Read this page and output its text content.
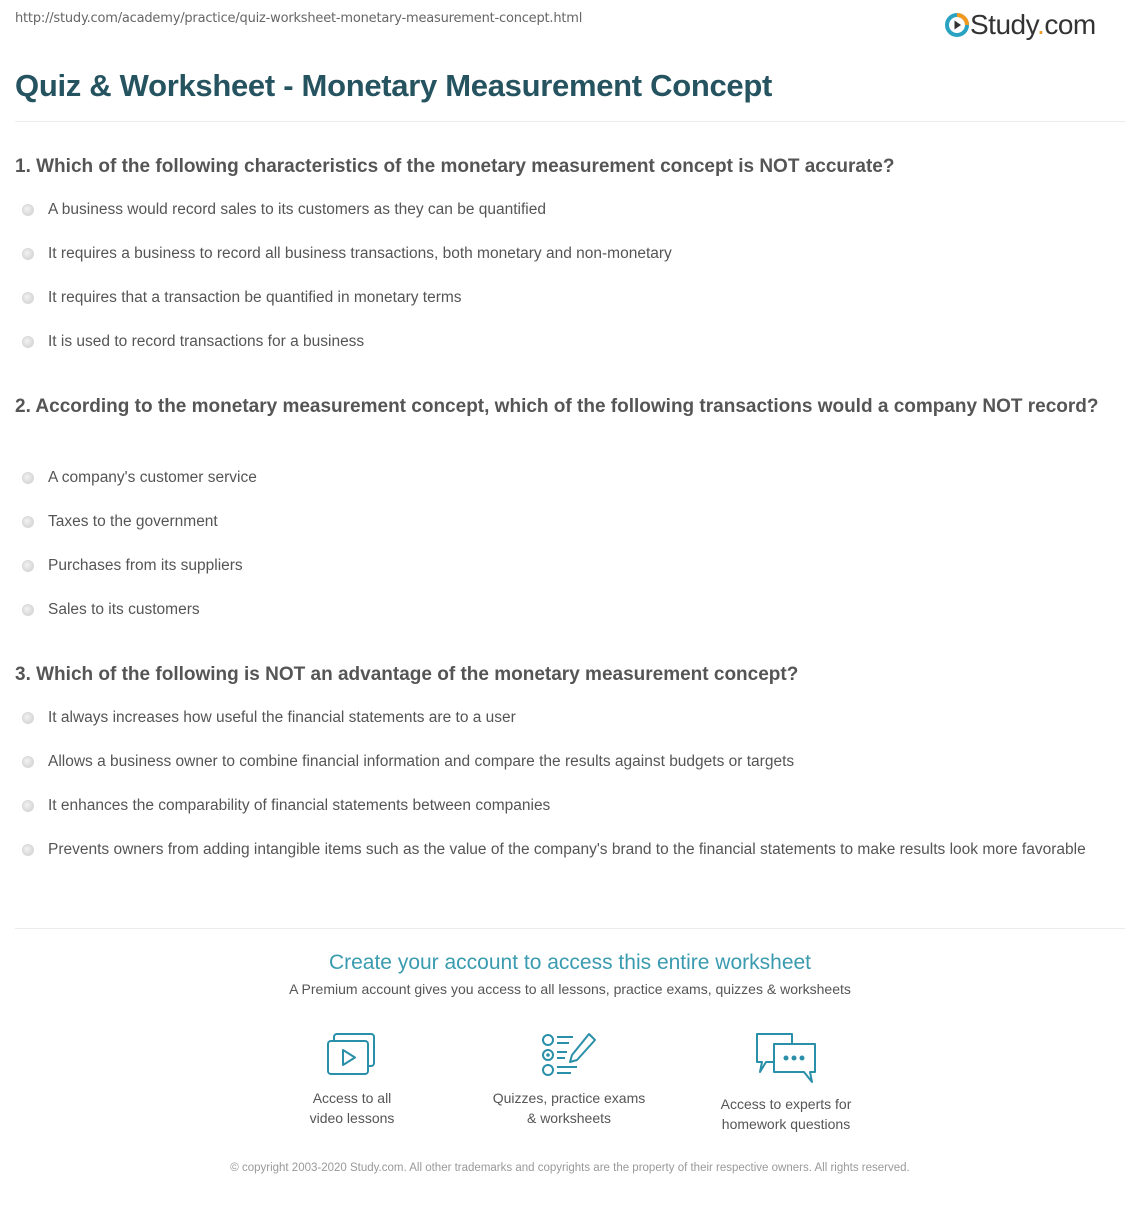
http://study.com/academy/practice/quiz-worksheet-monetary-measurement-concept.html	Study.com
Quiz & Worksheet - Monetary Measurement Concept
1. Which of the following characteristics of the monetary measurement concept is NOT accurate?
A business would record sales to its customers as they can be quantified
It requires a business to record all business transactions, both monetary and non-monetary
It requires that a transaction be quantified in monetary terms
It is used to record transactions for a business
2. According to the monetary measurement concept, which of the following transactions would a company NOT record?
A company's customer service
Taxes to the government
Purchases from its suppliers
Sales to its customers
3. Which of the following is NOT an advantage of the monetary measurement concept?
It always increases how useful the financial statements are to a user
Allows a business owner to combine financial information and compare the results against budgets or targets
It enhances the comparability of financial statements between companies
Prevents owners from adding intangible items such as the value of the company's brand to the financial statements to make results look more favorable
Create your account to access this entire worksheet
A Premium account gives you access to all lessons, practice exams, quizzes & worksheets
Access to all
video lessons
Quizzes, practice exams
& worksheets
Access to experts for
homework questions
© copyright 2003-2020 Study.com. All other trademarks and copyrights are the property of their respective owners. All rights reserved.
